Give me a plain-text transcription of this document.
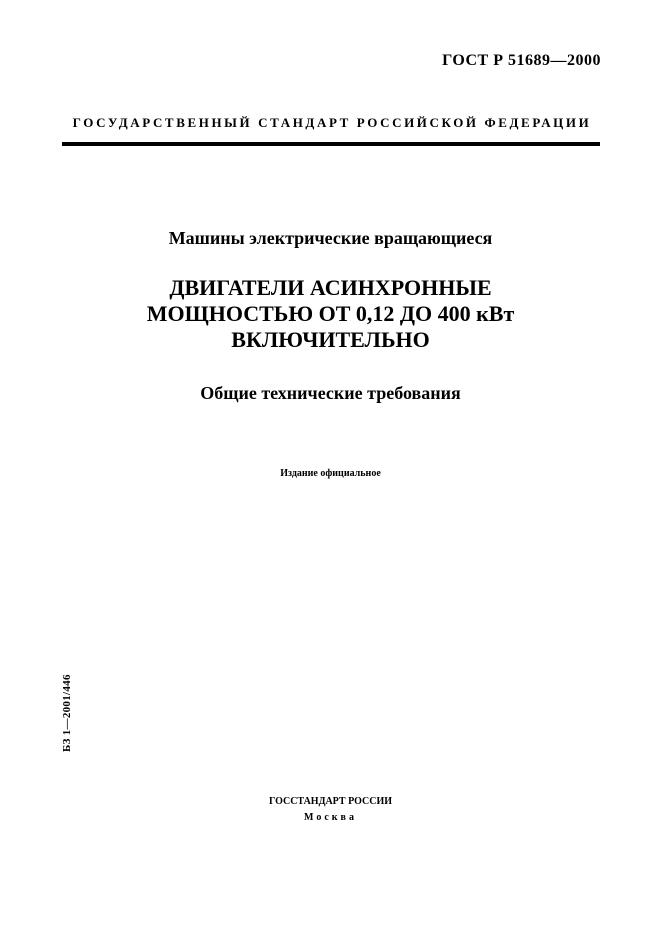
ГОСТ Р 51689—2000
ГОСУДАРСТВЕННЫЙ СТАНДАРТ РОССИЙСКОЙ ФЕДЕРАЦИИ
Машины электрические вращающиеся
ДВИГАТЕЛИ АСИНХРОННЫЕ
МОЩНОСТЬЮ ОТ 0,12 ДО 400 кВт
ВКЛЮЧИТЕЛЬНО
Общие технические требования
Издание официальное
БЗ 1—2001/446
ГОССТАНДАРТ РОССИИ
Москва
